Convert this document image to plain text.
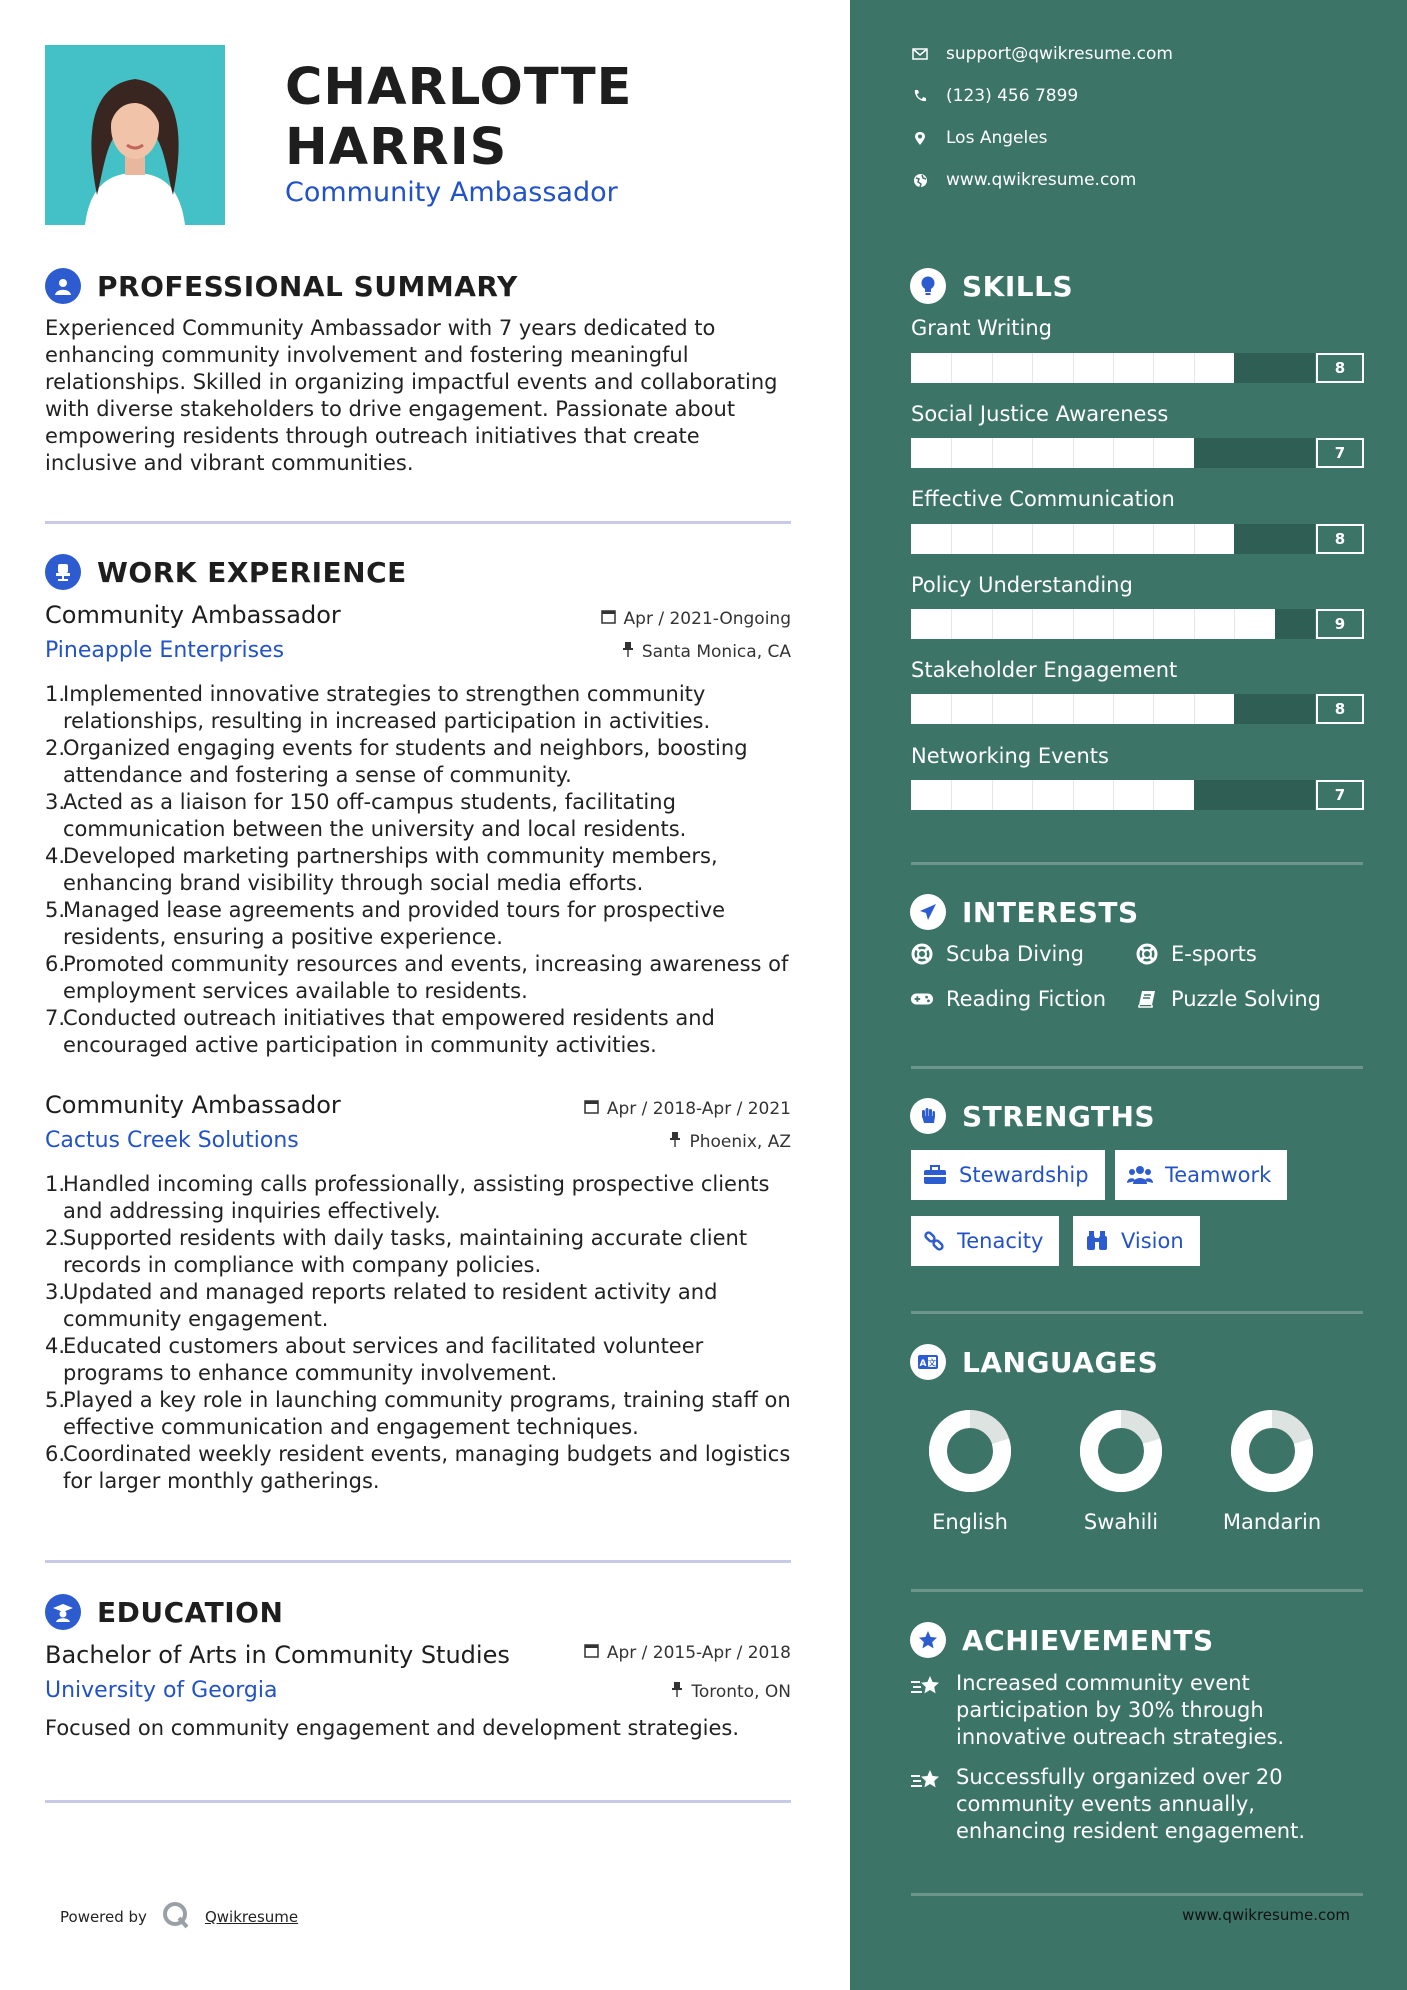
CHARLOTTE
HARRIS
Community Ambassador
PROFESSIONAL SUMMARY
Experienced Community Ambassador with 7 years dedicated to
enhancing community involvement and fostering meaningful
relationships. Skilled in organizing impactful events and collaborating
with diverse stakeholders to drive engagement. Passionate about
empowering residents through outreach initiatives that create
inclusive and vibrant communities.
WORK EXPERIENCE
Community Ambassador	Apr / 2021-Ongoing
Pineapple Enterprises	Santa Monica, CA
1.
Implemented innovative strategies to strengthen community
relationships, resulting in increased participation in activities.
2.
Organized engaging events for students and neighbors, boosting
attendance and fostering a sense of community.
3.
Acted as a liaison for 150 off-campus students, facilitating
communication between the university and local residents.
4.
Developed marketing partnerships with community members,
enhancing brand visibility through social media efforts.
5.
Managed lease agreements and provided tours for prospective
residents, ensuring a positive experience.
6.
Promoted community resources and events, increasing awareness of
employment services available to residents.
7.
Conducted outreach initiatives that empowered residents and
encouraged active participation in community activities.
Community Ambassador	Apr / 2018-Apr / 2021
Cactus Creek Solutions	Phoenix, AZ
1.
Handled incoming calls professionally, assisting prospective clients
and addressing inquiries effectively.
2.
Supported residents with daily tasks, maintaining accurate client
records in compliance with company policies.
3.
Updated and managed reports related to resident activity and
community engagement.
4.
Educated customers about services and facilitated volunteer
programs to enhance community involvement.
5.
Played a key role in launching community programs, training staff on
effective communication and engagement techniques.
6.
Coordinated weekly resident events, managing budgets and logistics
for larger monthly gatherings.
EDUCATION
Bachelor of Arts in Community Studies	Apr / 2015-Apr / 2018
University of Georgia	Toronto, ON
Focused on community engagement and development strategies.
Powered by	Qwikresume
support@qwikresume.com
(123) 456 7899
Los Angeles
www.qwikresume.com
SKILLS
Grant Writing
8
Social Justice Awareness
7
Effective Communication
8
Policy Understanding
9
Stakeholder Engagement
8
Networking Events
7
INTERESTS
Scuba Diving	E-sports
Reading Fiction	Puzzle Solving
STRENGTHS
Stewardship	Teamwork
Tenacity	Vision
A 文 LANGUAGES
English	Swahili	Mandarin
ACHIEVEMENTS
Increased community event
participation by 30% through
innovative outreach strategies.
Successfully organized over 20
community events annually,
enhancing resident engagement.
www.qwikresume.com
